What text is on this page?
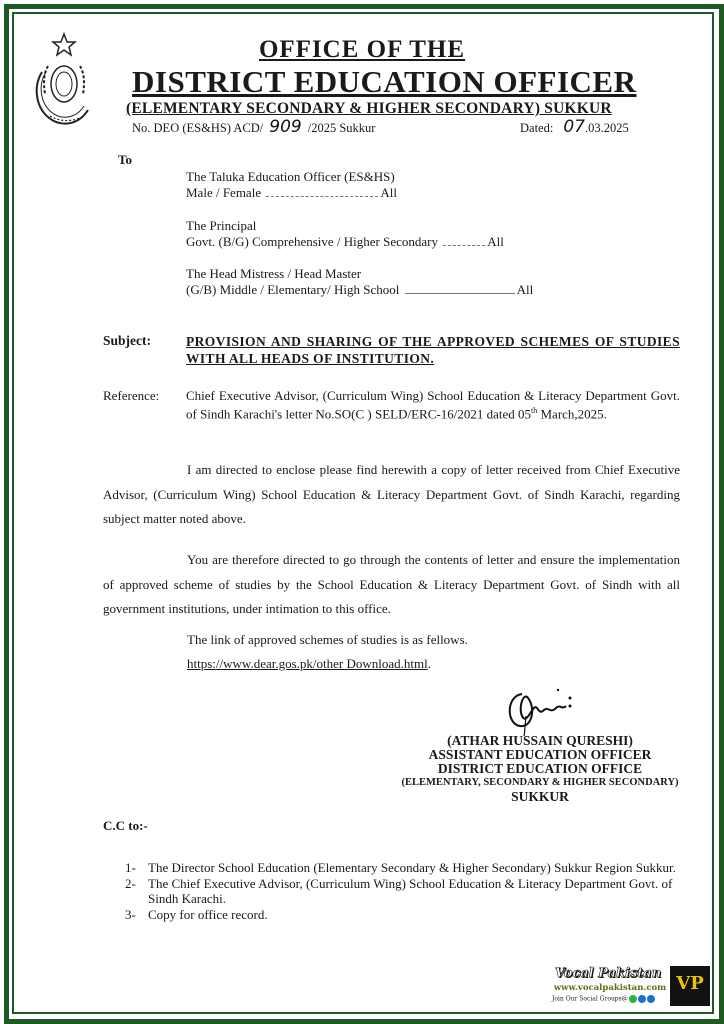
OFFICE OF THE
DISTRICT EDUCATION OFFICER
(ELEMENTARY SECONDARY & HIGHER SECONDARY) SUKKUR
No. DEO (ES&HS) ACD/ 909 /2025 Sukkur	Dated: 07.03.2025
To
The Taluka Education Officer (ES&HS)
Male / Female	All
The Principal
Govt. (B/G) Comprehensive / Higher Secondary	All
The Head Mistress / Head Master
(G/B) Middle / Elementary/ High School	All
Subject:	PROVISION AND SHARING OF THE APPROVED SCHEMES OF STUDIES WITH ALL HEADS OF INSTITUTION.
Reference: Chief Executive Advisor, (Curriculum Wing) School Education & Literacy Department Govt. of Sindh Karachi's letter No.SO(C ) SELD/ERC-16/2021 dated 05th March,2025.
I am directed to enclose please find herewith a copy of letter received from Chief Executive Advisor, (Curriculum Wing) School Education & Literacy Department Govt. of Sindh Karachi, regarding subject matter noted above.
You are therefore directed to go through the contents of letter and ensure the implementation of approved scheme of studies by the School Education & Literacy Department Govt. of Sindh with all government institutions, under intimation to this office.
The link of approved schemes of studies is as fellows.
https://www.dear.gos.pk/other Download.html.
(ATHAR HUSSAIN QURESHI)
ASSISTANT EDUCATION OFFICER
DISTRICT EDUCATION OFFICE
(ELEMENTARY, SECONDARY & HIGHER SECONDARY)
SUKKUR
C.C to:-
1- The Director School Education (Elementary Secondary & Higher Secondary) Sukkur Region Sukkur.
2- The Chief Executive Advisor, (Curriculum Wing) School Education & Literacy Department Govt. of Sindh Karachi.
3- Copy for office record.
Vocal Pakistan
www.vocalpakistan.com
Join Our Social Groups@
VP
